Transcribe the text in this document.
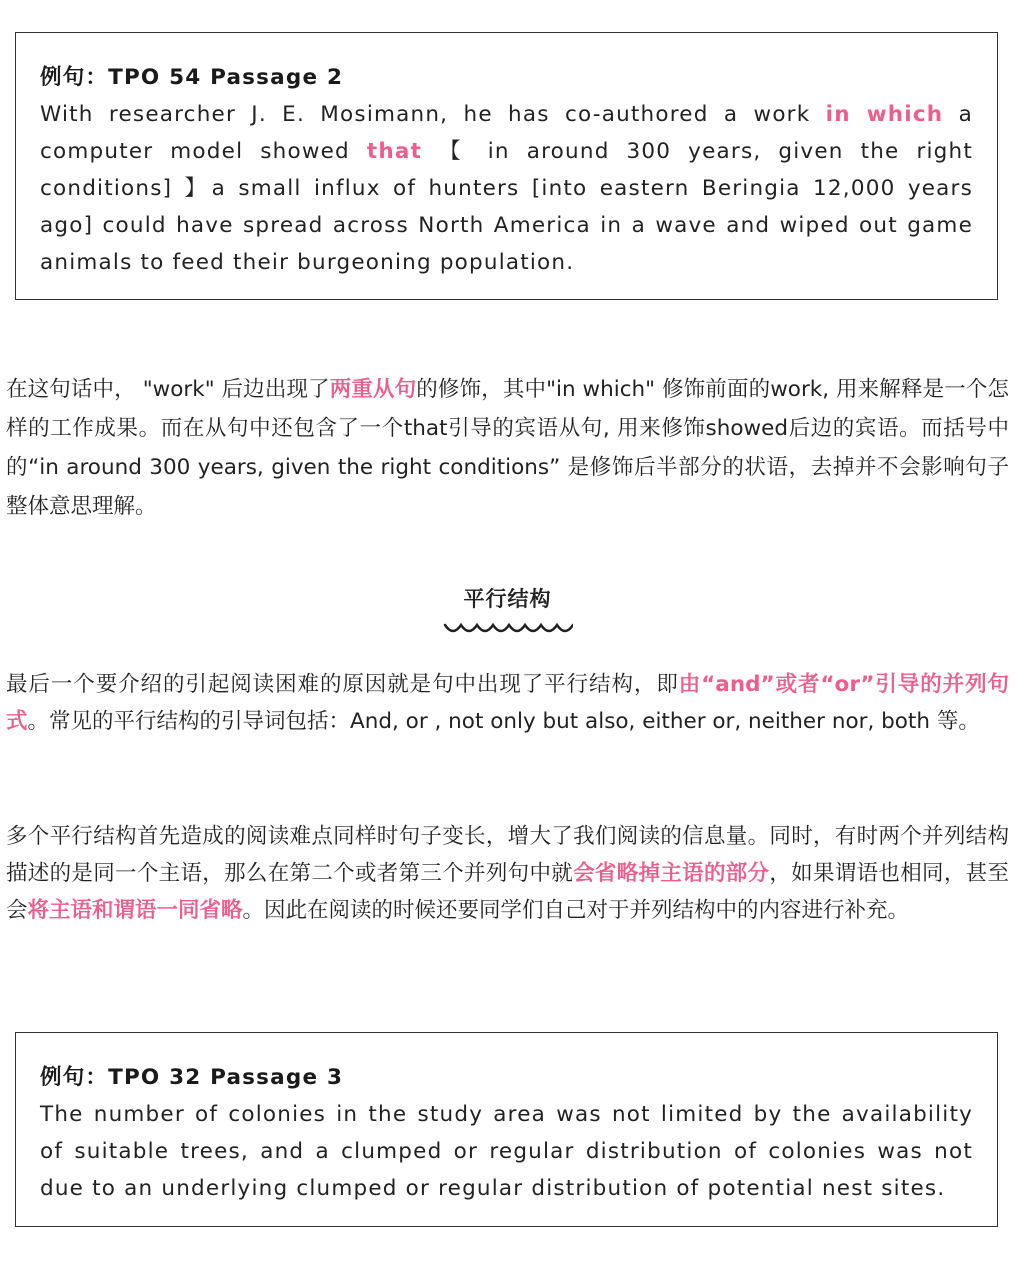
例句：TPO 54 Passage 2
With researcher J. E. Mosimann, he has co-authored a work in which a computer model showed that 【 in around 300 years, given the right conditions] 】a small influx of hunters [into eastern Beringia 12,000 years ago] could have spread across North America in a wave and wiped out game animals to feed their burgeoning population.
在这句话中， "work" 后边出现了两重从句的修饰，其中"in which" 修饰前面的work, 用来解释是一个怎样的工作成果。而在从句中还包含了一个that引导的宾语从句, 用来修饰showed后边的宾语。而括号中的“in around 300 years, given the right conditions” 是修饰后半部分的状语，去掉并不会影响句子整体意思理解。
平行结构
最后一个要介绍的引起阅读困难的原因就是句中出现了平行结构，即由“and”或者“or”引导的并列句式。常见的平行结构的引导词包括：And, or , not only but also, either or, neither nor, both 等。
多个平行结构首先造成的阅读难点同样时句子变长，增大了我们阅读的信息量。同时，有时两个并列结构描述的是同一个主语，那么在第二个或者第三个并列句中就会省略掉主语的部分，如果谓语也相同，甚至会将主语和谓语一同省略。因此在阅读的时候还要同学们自己对于并列结构中的内容进行补充。
例句：TPO 32 Passage 3
The number of colonies in the study area was not limited by the availability of suitable trees, and a clumped or regular distribution of colonies was not due to an underlying clumped or regular distribution of potential nest sites.
